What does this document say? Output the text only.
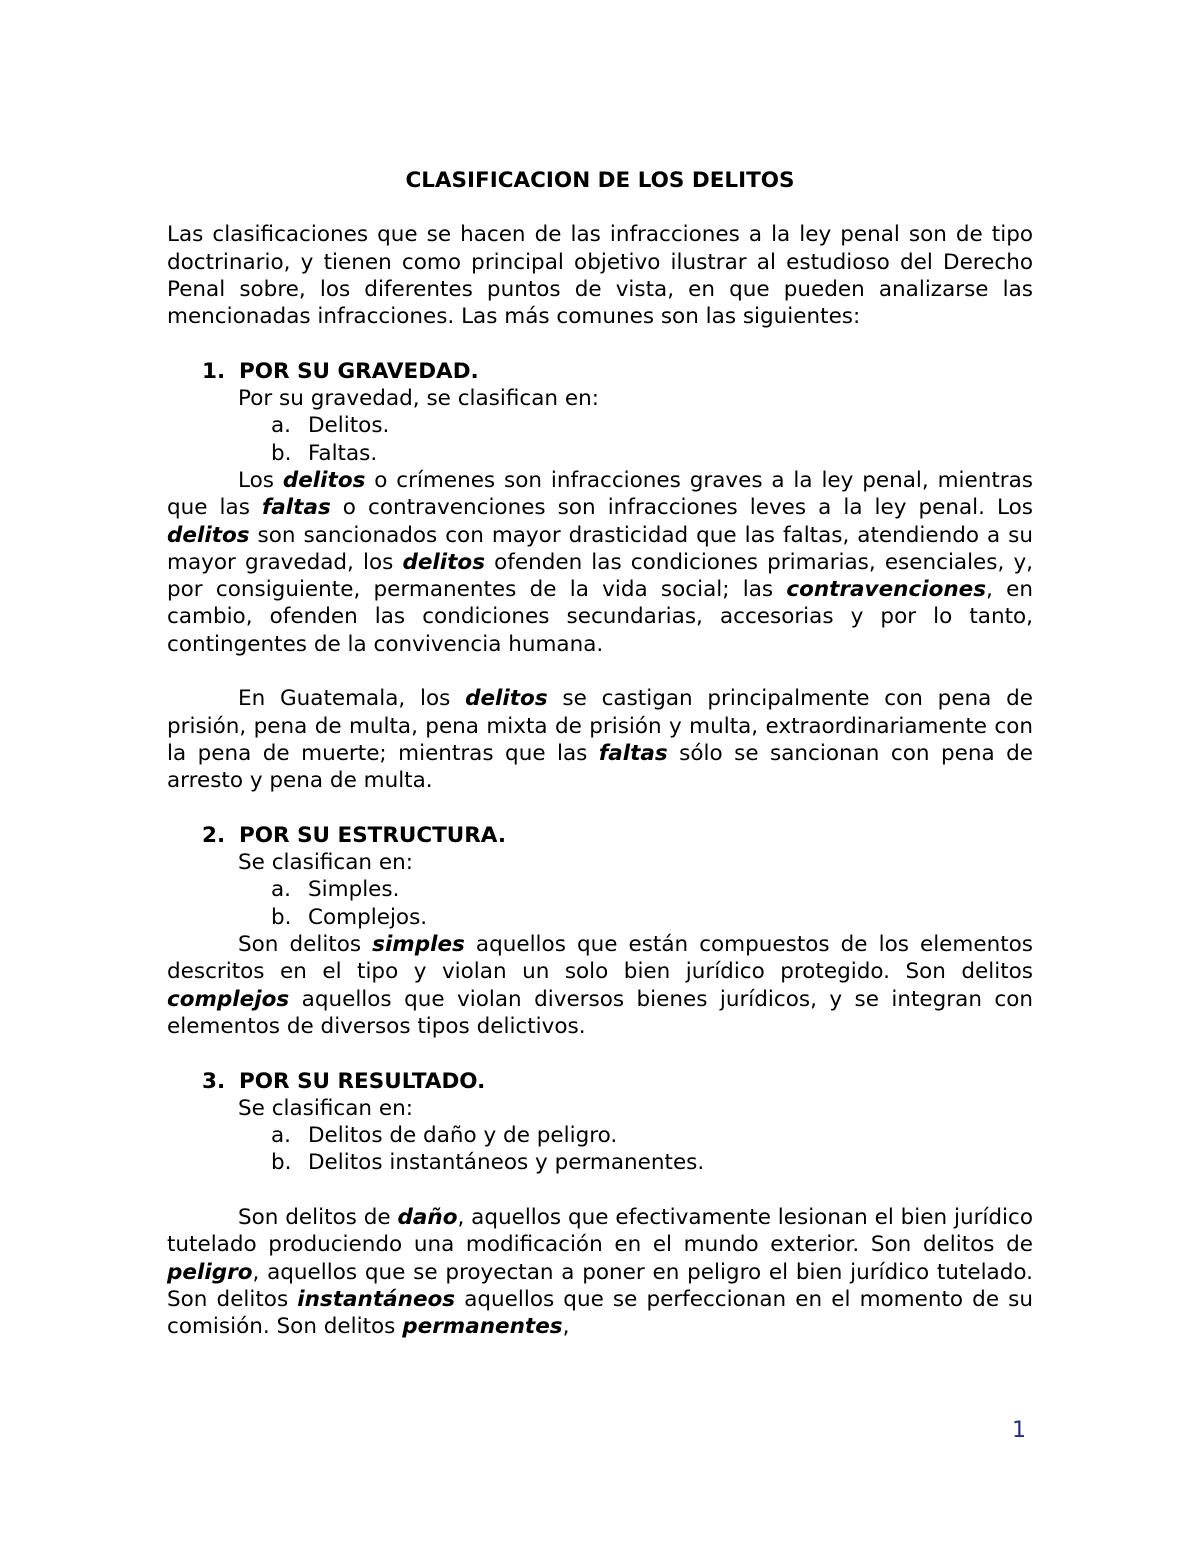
CLASIFICACION DE LOS DELITOS

Las clasificaciones que se hacen de las infracciones a la ley penal son de tipo doctrinario, y tienen como principal objetivo ilustrar al estudioso del Derecho Penal sobre, los diferentes puntos de vista, en que pueden analizarse las mencionadas infracciones. Las más comunes son las siguientes:

1. POR SU GRAVEDAD.
Por su gravedad, se clasifican en:
a. Delitos.
b. Faltas.

Los delitos o crímenes son infracciones graves a la ley penal, mientras que las faltas o contravenciones son infracciones leves a la ley penal. Los delitos son sancionados con mayor drasticidad que las faltas, atendiendo a su mayor gravedad, los delitos ofenden las condiciones primarias, esenciales, y, por consiguiente, permanentes de la vida social; las contravenciones, en cambio, ofenden las condiciones secundarias, accesorias y por lo tanto, contingentes de la convivencia humana.

En Guatemala, los delitos se castigan principalmente con pena de prisión, pena de multa, pena mixta de prisión y multa, extraordinariamente con la pena de muerte; mientras que las faltas sólo se sancionan con pena de arresto y pena de multa.

2. POR SU ESTRUCTURA.
Se clasifican en:
a. Simples.
b. Complejos.

Son delitos simples aquellos que están compuestos de los elementos descritos en el tipo y violan un solo bien jurídico protegido. Son delitos complejos aquellos que violan diversos bienes jurídicos, y se integran con elementos de diversos tipos delictivos.

3. POR SU RESULTADO.
Se clasifican en:
a. Delitos de daño y de peligro.
b. Delitos instantáneos y permanentes.

Son delitos de daño, aquellos que efectivamente lesionan el bien jurídico tutelado produciendo una modificación en el mundo exterior. Son delitos de peligro, aquellos que se proyectan a poner en peligro el bien jurídico tutelado. Son delitos instantáneos aquellos que se perfeccionan en el momento de su comisión. Son delitos permanentes,

1
